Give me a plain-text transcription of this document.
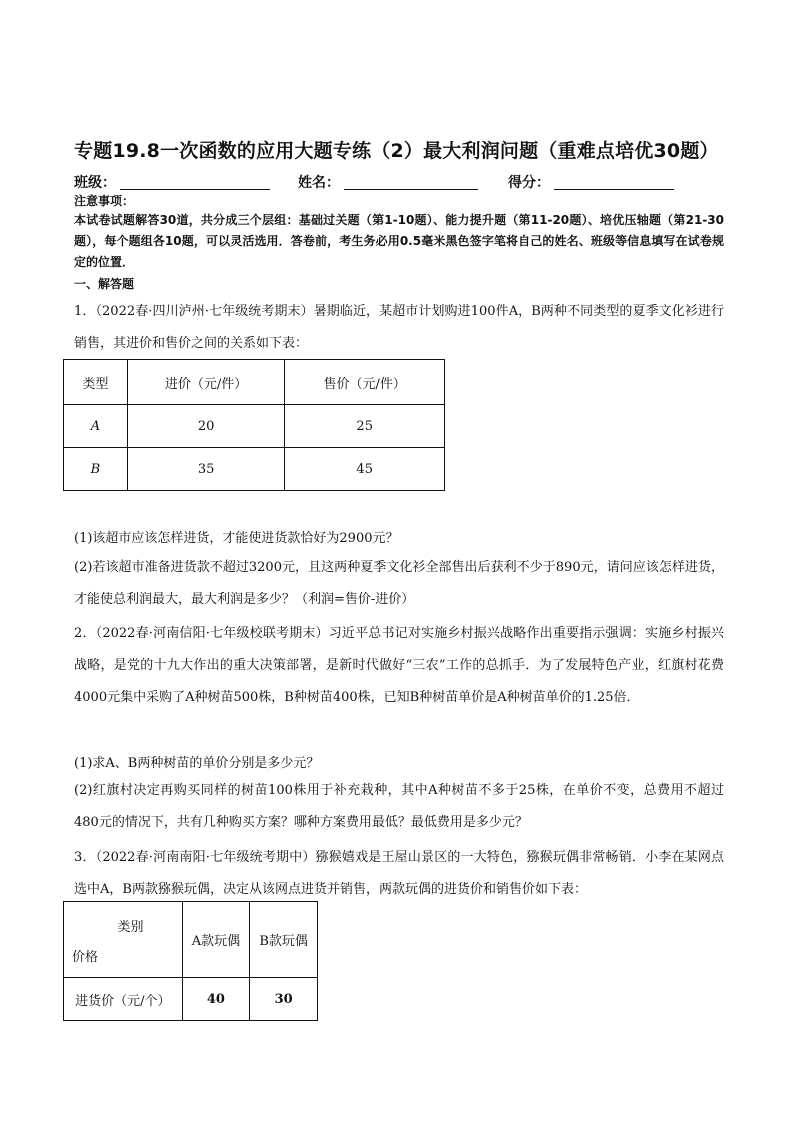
专题19.8一次函数的应用大题专练（2）最大利润问题（重难点培优30题）
班级：	姓名：	得分：
注意事项：
本试卷试题解答30道，共分成三个层组：基础过关题（第1-10题）、能力提升题（第11-20题）、培优压轴题（第21-30题），每个题组各10题，可以灵活选用．答卷前，考生务必用0.5毫米黑色签字笔将自己的姓名、班级等信息填写在试卷规定的位置．
一、解答题
1．（2022春·四川泸州·七年级统考期末）暑期临近，某超市计划购进100件A，B两种不同类型的夏季文化衫进行销售，其进价和售价之间的关系如下表：
类型	进价（元/件）	售价（元/件）
A	20	25
B	35	45
(1)该超市应该怎样进货，才能使进货款恰好为2900元？
(2)若该超市准备进货款不超过3200元，且这两种夏季文化衫全部售出后获利不少于890元，请问应该怎样进货，才能使总利润最大，最大利润是多少？（利润=售价-进价）
2．（2022春·河南信阳·七年级校联考期末）习近平总书记对实施乡村振兴战略作出重要指示强调：实施乡村振兴战略，是党的十九大作出的重大决策部署，是新时代做好“三农”工作的总抓手．为了发展特色产业，红旗村花费4000元集中采购了A种树苗500株，B种树苗400株，已知B种树苗单价是A种树苗单价的1.25倍．
(1)求A、B两种树苗的单价分别是多少元？
(2)红旗村决定再购买同样的树苗100株用于补充栽种，其中A种树苗不多于25株，在单价不变，总费用不超过480元的情况下，共有几种购买方案？哪种方案费用最低？最低费用是多少元？
3．（2022春·河南南阳·七年级统考期中）猕猴嬉戏是王屋山景区的一大特色，猕猴玩偶非常畅销．小李在某网点选中A，B两款猕猴玩偶，决定从该网点进货并销售，两款玩偶的进货价和销售价如下表：
类别
价格	A款玩偶	B款玩偶
进货价（元/个）	40	30
